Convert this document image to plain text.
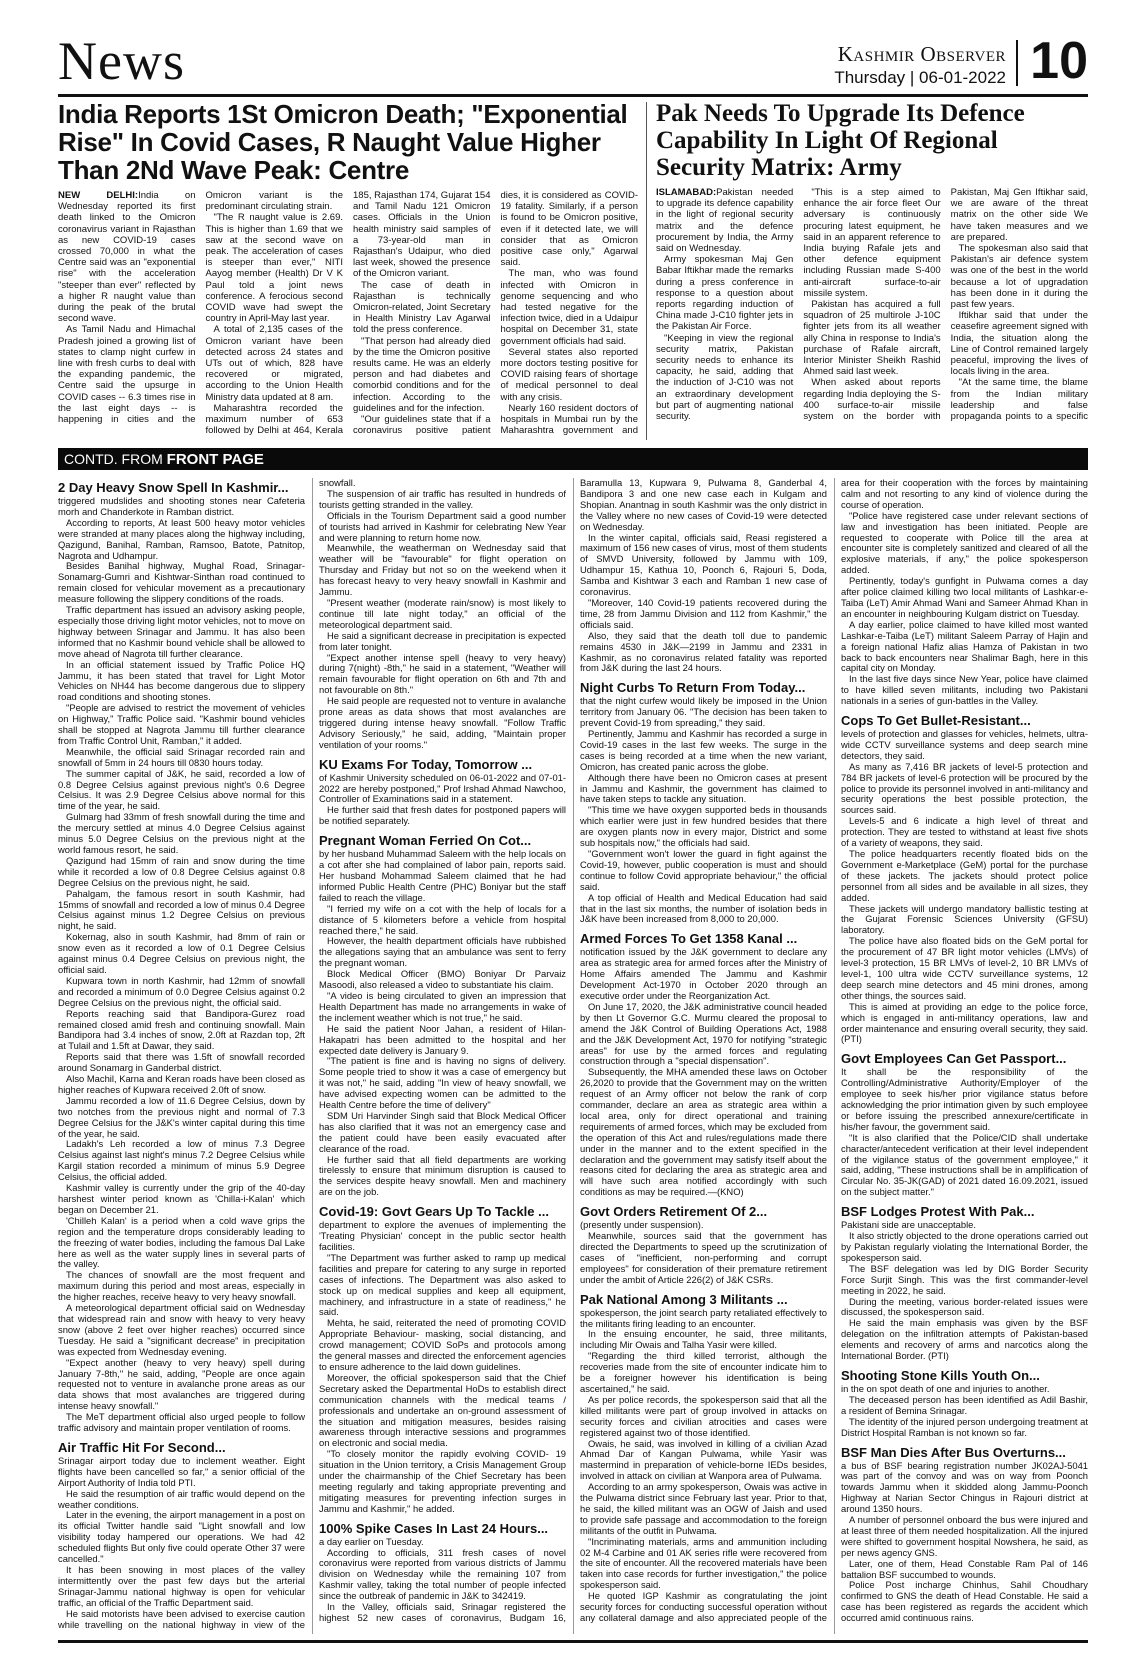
News	Kashmir Observer
Thursday | 06-01-2022 10
India Reports 1St Omicron Death; "Exponential Rise" In Covid Cases, R Naught Value Higher Than 2Nd Wave Peak: Centre

NEW DELHI:India on Wednesday reported its first death linked to the Omicron coronavirus variant in Rajasthan as new COVID-19 cases crossed 70,000 in what the Centre said was an "exponential rise" with the acceleration "steeper than ever" reflected by a higher R naught value than during the peak of the brutal second wave.

As Tamil Nadu and Himachal Pradesh joined a growing list of states to clamp night curfew in line with fresh curbs to deal with the expanding pandemic, the Centre said the upsurge in COVID cases -- 6.3 times rise in the last eight days -- is happening in cities and the Omicron variant is the predominant circulating strain.

"The R naught value is 2.69. This is higher than 1.69 that we saw at the second wave on peak. The acceleration of cases is steeper than ever," NITI Aayog member (Health) Dr V K Paul told a joint news conference. A ferocious second COVID wave had swept the country in April-May last year.

A total of 2,135 cases of the Omicron variant have been detected across 24 states and UTs out of which, 828 have recovered or migrated, according to the Union Health Ministry data updated at 8 am.

Maharashtra recorded the maximum number of 653 followed by Delhi at 464, Kerala 185, Rajasthan 174, Gujarat 154 and Tamil Nadu 121 Omicron cases. Officials in the Union health ministry said samples of a 73-year-old man in Rajasthan's Udaipur, who died last week, showed the presence of the Omicron variant.

The case of death in Rajasthan is technically Omicron-related, Joint Secretary in Health Ministry Lav Agarwal told the press conference.

"That person had already died by the time the Omicron positive results came. He was an elderly person and had diabetes and comorbid conditions and for the infection. According to the guidelines and for the infection.

"Our guidelines state that if a coronavirus positive patient dies, it is considered as COVID-19 fatality. Similarly, if a person is found to be Omicron positive, even if it detected late, we will consider that as Omicron positive case only," Agarwal said.

The man, who was found infected with Omicron in genome sequencing and who had tested negative for the infection twice, died in a Udaipur hospital on December 31, state government officials had said.

Several states also reported more doctors testing positive for COVID raising fears of shortage of medical personnel to deal with any crisis.

Nearly 160 resident doctors of hospitals in Mumbai run by the Maharashtra government and

Pak Needs To Upgrade Its Defence Capability In Light Of Regional Security Matrix: Army

ISLAMABAD:Pakistan needed to upgrade its defence capability in the light of regional security matrix and the defence procurement by India, the Army said on Wednesday.

Army spokesman Maj Gen Babar Iftikhar made the remarks during a press conference in response to a question about reports regarding induction of China made J-C10 fighter jets in the Pakistan Air Force.

"Keeping in view the regional security matrix, Pakistan security needs to enhance its capacity, he said, adding that the induction of J-C10 was not an extraordinary development but part of augmenting national security.

"This is a step aimed to enhance the air force fleet Our adversary is continuously procuring latest equipment, he said in an apparent reference to India buying Rafale jets and other defence equipment including Russian made S-400 anti-aircraft surface-to-air missile system.

Pakistan has acquired a full squadron of 25 multirole J-10C fighter jets from its all weather ally China in response to India's purchase of Rafale aircraft, Interior Minister Sheikh Rashid Ahmed said last week.

When asked about reports regarding India deploying the S-400 surface-to-air missile system on the border with Pakistan, Maj Gen Iftikhar said, we are aware of the threat matrix on the other side We have taken measures and we are prepared.

The spokesman also said that Pakistan's air defence system was one of the best in the world because a lot of upgradation has been done in it during the past few years.

Iftikhar said that under the ceasefire agreement signed with India, the situation along the Line of Control remained largely peaceful, improving the lives of locals living in the area.

"At the same time, the blame from the Indian military leadership and false propaganda points to a specific

CONTD. FROM FRONT PAGE
2 Day Heavy Snow Spell In Kashmir...

triggered mudslides and shooting stones near Cafeteria morh and Chanderkote in Ramban district.

According to reports, At least 500 heavy motor vehicles were stranded at many places along the highway including, Qazigund, Banihal, Ramban, Ramsoo, Batote, Patnitop, Nagrota and Udhampur.

Besides Banihal highway, Mughal Road, Srinagar-Sonamarg-Gumri and Kishtwar-Sinthan road continued to remain closed for vehicular movement as a precautionary measure following the slippery conditions of the roads.

Traffic department has issued an advisory asking people, especially those driving light motor vehicles, not to move on highway between Srinagar and Jammu. It has also been informed that no Kashmir bound vehicle shall be allowed to move ahead of Nagrota till further clearance.

In an official statement issued by Traffic Police HQ Jammu, it has been stated that travel for Light Motor Vehicles on NH44 has become dangerous due to slippery road conditions and shooting stones.

"People are advised to restrict the movement of vehicles on Highway," Traffic Police said. "Kashmir bound vehicles shall be stopped at Nagrota Jammu till further clearance from Traffic Control Unit, Ramban," it added.

Meanwhile, the official said Srinagar recorded rain and snowfall of 5mm in 24 hours till 0830 hours today.

The summer capital of J&K, he said, recorded a low of 0.8 Degree Celsius against previous night's 0.6 Degree Celsius. It was 2.9 Degree Celsius above normal for this time of the year, he said.

Gulmarg had 33mm of fresh snowfall during the time and the mercury settled at minus 4.0 Degree Celsius against minus 5.0 Degree Celsius on the previous night at the world famous resort, he said.

Qazigund had 15mm of rain and snow during the time while it recorded a low of 0.8 Degree Celsius against 0.8 Degree Celsius on the previous night, he said.

Pahalgam, the famous resort in south Kashmir, had 15mms of snowfall and recorded a low of minus 0.4 Degree Celsius against minus 1.2 Degree Celsius on previous night, he said.

Kokernag, also in south Kashmir, had 8mm of rain or snow even as it recorded a low of 0.1 Degree Celsius against minus 0.4 Degree Celsius on previous night, the official said.

Kupwara town in north Kashmir, had 12mm of snowfall and recorded a minimum of 0.0 Degree Celsius against 0.2 Degree Celsius on the previous night, the official said.

Reports reaching said that Bandipora-Gurez road remained closed amid fresh and continuing snowfall. Main Bandipora had 3.4 inches of snow, 2.0ft at Razdan top, 2ft at Tulail and 1.5ft at Dawar, they said.

Reports said that there was 1.5ft of snowfall recorded around Sonamarg in Ganderbal district.

Also Machil, Karna and Keran roads have been closed as higher reaches of Kupwara received 2.0ft of snow.

Jammu recorded a low of 11.6 Degree Celsius, down by two notches from the previous night and normal of 7.3 Degree Celsius for the J&K's winter capital during this time of the year, he said.

Ladakh's Leh recorded a low of minus 7.3 Degree Celsius against last night's minus 7.2 Degree Celsius while Kargil station recorded a minimum of minus 5.9 Degree Celsius, the official added.

Kashmir valley is currently under the grip of the 40-day harshest winter period known as 'Chilla-i-Kalan' which began on December 21.

'Chilleh Kalan' is a period when a cold wave grips the region and the temperature drops considerably leading to the freezing of water bodies, including the famous Dal Lake here as well as the water supply lines in several parts of the valley.

The chances of snowfall are the most frequent and maximum during this period and most areas, especially in the higher reaches, receive heavy to very heavy snowfall.

A meteorological department official said on Wednesday that widespread rain and snow with heavy to very heavy snow (above 2 feet over higher reaches) occurred since Tuesday. He said a "significant decrease" in precipitation was expected from Wednesday evening.

"Expect another (heavy to very heavy) spell during January 7-8th," he said, adding, "People are once again requested not to venture in avalanche prone areas as our data shows that most avalanches are triggered during intense heavy snowfall."

The MeT department official also urged people to follow traffic advisory and maintain proper ventilation of rooms.

Air Traffic Hit For Second...

Srinagar airport today due to inclement weather. Eight flights have been cancelled so far," a senior official of the Airport Authority of India told PTI.

He said the resumption of air traffic would depend on the weather conditions.

Later in the evening, the airport management in a post on its official Twitter handle said "Light snowfall and low visibility today hampered our operations. We had 42 scheduled flights But only five could operate Other 37 were cancelled."

It has been snowing in most places of the valley intermittently over the past few days but the arterial Srinagar-Jammu national highway is open for vehicular traffic, an official of the Traffic Department said.

He said motorists have been advised to exercise caution while travelling on the national highway in view of the snowfall.

The suspension of air traffic has resulted in hundreds of tourists getting stranded in the valley.

Officials in the Tourism Department said a good number of tourists had arrived in Kashmir for celebrating New Year and were planning to return home now.

Meanwhile, the weatherman on Wednesday said that weather will be "favourable" for flight operation on Thursday and Friday but not so on the weekend when it has forecast heavy to very heavy snowfall in Kashmir and Jammu.

"Present weather (moderate rain/snow) is most likely to continue till late night today," an official of the meteorological department said.

He said a significant decrease in precipitation is expected from later tonight.

"Expect another intense spell (heavy to very heavy) during 7(night) -8th," he said in a statement, "Weather will remain favourable for flight operation on 6th and 7th and not favourable on 8th."

He said people are requested not to venture in avalanche prone areas as data shows that most avalanches are triggered during intense heavy snowfall. "Follow Traffic Advisory Seriously," he said, adding, "Maintain proper ventilation of your rooms."

KU Exams For Today, Tomorrow ...

of Kashmir University scheduled on 06-01-2022 and 07-01-2022 are hereby postponed," Prof Irshad Ahmad Nawchoo, Controller of Examinations said in a statement.

He further said that fresh dates for postponed papers will be notified separately.

Pregnant Woman Ferried On Cot...

by her husband Muhammad Saleem with the help locals on a cot after she had complained of labor pain, reports said. Her husband Mohammad Saleem claimed that he had informed Public Health Centre (PHC) Boniyar but the staff failed to reach the village.

"I ferried my wife on a cot with the help of locals for a distance of 5 kilometers before a vehicle from hospital reached there," he said.

However, the health department officials have rubbished the allegations saying that an ambulance was sent to ferry the pregnant woman.

Block Medical Officer (BMO) Boniyar Dr Parvaiz Masoodi, also released a video to substantiate his claim.

"A video is being circulated to given an impression that Health Department has made no arrangements in wake of the inclement weather which is not true," he said.

He said the patient Noor Jahan, a resident of Hilan-Hakapatri has been admitted to the hospital and her expected date delivery is January 9.

"The patient is fine and is having no signs of delivery. Some people tried to show it was a case of emergency but it was not," he said, adding "In view of heavy snowfall, we have advised expecting women can be admitted to the Health Centre before the time of delivery"

SDM Uri Harvinder Singh said that Block Medical Officer has also clarified that it was not an emergency case and the patient could have been easily evacuated after clearance of the road.

He further said that all field departments are working tirelessly to ensure that minimum disruption is caused to the services despite heavy snowfall. Men and machinery are on the job.

Covid-19: Govt Gears Up To Tackle ...

department to explore the avenues of implementing the 'Treating Physician' concept in the public sector health facilities.

"The Department was further asked to ramp up medical facilities and prepare for catering to any surge in reported cases of infections. The Department was also asked to stock up on medical supplies and keep all equipment, machinery, and infrastructure in a state of readiness," he said.

Mehta, he said, reiterated the need of promoting COVID Appropriate Behaviour- masking, social distancing, and crowd management; COVID SoPs and protocols among the general masses and directed the enforcement agencies to ensure adherence to the laid down guidelines.

Moreover, the official spokesperson said that the Chief Secretary asked the Departmental HoDs to establish direct communication channels with the medical teams / professionals and undertake an on-ground assessment of the situation and mitigation measures, besides raising awareness through interactive sessions and programmes on electronic and social media.

"To closely monitor the rapidly evolving COVID- 19 situation in the Union territory, a Crisis Management Group under the chairmanship of the Chief Secretary has been meeting regularly and taking appropriate preventing and mitigating measures for preventing infection surges in Jammu and Kashmir," he added.

100% Spike Cases In Last 24 Hours...

a day earlier on Tuesday.

According to officials, 311 fresh cases of novel coronavirus were reported from various districts of Jammu division on Wednesday while the remaining 107 from Kashmir valley, taking the total number of people infected since the outbreak of pandemic in J&K to 342419.

In the Valley, officials said, Srinagar registered the highest 52 new cases of coronavirus, Budgam 16, Baramulla 13, Kupwara 9, Pulwama 8, Ganderbal 4, Bandipora 3 and one new case each in Kulgam and Shopian. Anantnag in south Kashmir was the only district in the Valley where no new cases of Covid-19 were detected on Wednesday.

In the winter capital, officials said, Reasi registered a maximum of 156 new cases of virus, most of them students of SMVD University, followed by Jammu with 109, Udhampur 15, Kathua 10, Poonch 6, Rajouri 5, Doda, Samba and Kishtwar 3 each and Ramban 1 new case of coronavirus.

"Moreover, 140 Covid-19 patients recovered during the time, 28 from Jammu Division and 112 from Kashmir," the officials said.

Also, they said that the death toll due to pandemic remains 4530 in J&K—2199 in Jammu and 2331 in Kashmir, as no coronavirus related fatality was reported from J&K during the last 24 hours.

Night Curbs To Return From Today...

that the night curfew would likely be imposed in the Union territory from January 06. "The decision has been taken to prevent Covid-19 from spreading," they said.

Pertinently, Jammu and Kashmir has recorded a surge in Covid-19 cases in the last few weeks. The surge in the cases is being recorded at a time when the new variant, Omicron, has created panic across the globe.

Although there have been no Omicron cases at present in Jammu and Kashmir, the government has claimed to have taken steps to tackle any situation.

"This time we have oxygen supported beds in thousands which earlier were just in few hundred besides that there are oxygen plants now in every major, District and some sub hospitals now," the officials had said.

"Government won't lower the guard in fight against the Covid-19, however, public cooperation is must and should continue to follow Covid appropriate behaviour," the official said.

A top official of Health and Medical Education had said that in the last six months, the number of isolation beds in J&K have been increased from 8,000 to 20,000.

Armed Forces To Get 1358 Kanal ...

notification issued by the J&K government to declare any area as strategic area for armed forces after the Ministry of Home Affairs amended The Jammu and Kashmir Development Act-1970 in October 2020 through an executive order under the Reorganization Act.

On June 17, 2020, the J&K administrative council headed by then Lt Governor G.C. Murmu cleared the proposal to amend the J&K Control of Building Operations Act, 1988 and the J&K Development Act, 1970 for notifying "strategic areas" for use by the armed forces and regulating construction through a "special dispensation".

Subsequently, the MHA amended these laws on October 26,2020 to provide that the Government may on the written request of an Army officer not below the rank of corp commander, declare an area as strategic area within a local area, only for direct operational and training requirements of armed forces, which may be excluded from the operation of this Act and rules/regulations made there under in the manner and to the extent specified in the declaration and the government may satisfy itself about the reasons cited for declaring the area as strategic area and will have such area notified accordingly with such conditions as may be required.—(KNO)

Govt Orders Retirement Of 2...

(presently under suspension).

Meanwhile, sources said that the government has directed the Departments to speed up the scrutinization of cases of "inefficient, non-performing and corrupt employees" for consideration of their premature retirement under the ambit of Article 226(2) of J&K CSRs.

Pak National Among 3 Militants ...

spokesperson, the joint search party retaliated effectively to the militants firing leading to an encounter.

In the ensuing encounter, he said, three militants, including Mir Owais and Talha Yasir were killed.

"Regarding the third killed terrorist, although the recoveries made from the site of encounter indicate him to be a foreigner however his identification is being ascertained," he said.

As per police records, the spokesperson said that all the killed militants were part of group involved in attacks on security forces and civilian atrocities and cases were registered against two of those identified.

Owais, he said, was involved in killing of a civilian Azad Ahmad Dar of Kangan Pulwama, while Yasir was mastermind in preparation of vehicle-borne IEDs besides, involved in attack on civilian at Wanpora area of Pulwama.

According to an army spokesperson, Owais was active in the Pulwama district since February last year. Prior to that, he said, the killed militant was an OGW of Jaish and used to provide safe passage and accommodation to the foreign militants of the outfit in Pulwama.

"Incriminating materials, arms and ammunition including 02 M-4 Carbine and 01 AK series rifle were recovered from the site of encounter. All the recovered materials have been taken into case records for further investigation," the police spokesperson said.

He quoted IGP Kashmir as congratulating the joint security forces for conducting successful operation without any collateral damage and also appreciated people of the area for their cooperation with the forces by maintaining calm and not resorting to any kind of violence during the course of operation.

"Police have registered case under relevant sections of law and investigation has been initiated. People are requested to cooperate with Police till the area at encounter site is completely sanitized and cleared of all the explosive materials, if any," the police spokesperson added.

Pertinently, today's gunfight in Pulwama comes a day after police claimed killing two local militants of Lashkar-e-Taiba (LeT) Amir Ahmad Wani and Sameer Ahmad Khan in an encounter in neighbouring Kulgam district on Tuesday.

A day earlier, police claimed to have killed most wanted Lashkar-e-Taiba (LeT) militant Saleem Parray of Hajin and a foreign national Hafiz alias Hamza of Pakistan in two back to back encounters near Shalimar Bagh, here in this capital city on Monday.

In the last five days since New Year, police have claimed to have killed seven militants, including two Pakistani nationals in a series of gun-battles in the Valley.

Cops To Get Bullet-Resistant...

levels of protection and glasses for vehicles, helmets, ultra-wide CCTV surveillance systems and deep search mine detectors, they said.

As many as 7,416 BR jackets of level-5 protection and 784 BR jackets of level-6 protection will be procured by the police to provide its personnel involved in anti-militancy and security operations the best possible protection, the sources said.

Levels-5 and 6 indicate a high level of threat and protection. They are tested to withstand at least five shots of a variety of weapons, they said.

The police headquarters recently floated bids on the Government e-Marketplace (GeM) portal for the purchase of these jackets. The jackets should protect police personnel from all sides and be available in all sizes, they added.

These jackets will undergo mandatory ballistic testing at the Gujarat Forensic Sciences University (GFSU) laboratory.

The police have also floated bids on the GeM portal for the procurement of 47 BR light motor vehicles (LMVs) of level-3 protection, 15 BR LMVs of level-2, 10 BR LMVs of level-1, 100 ultra wide CCTV surveillance systems, 12 deep search mine detectors and 45 mini drones, among other things, the sources said.

This is aimed at providing an edge to the police force, which is engaged in anti-militancy operations, law and order maintenance and ensuring overall security, they said.(PTI)

Govt Employees Can Get Passport...

It shall be the responsibility of the Controlling/Administrative Authority/Employer of the employee to seek his/her prior vigilance status before acknowledging the prior intimation given by such employee or before issuing the prescribed annexure/certificate in his/her favour, the government said.

"It is also clarified that the Police/CID shall undertake character/antecedent verification at their level independent of the vigilance status of the government employee," it said, adding, "These instructions shall be in amplification of Circular No. 35-JK(GAD) of 2021 dated 16.09.2021, issued on the subject matter."

BSF Lodges Protest With Pak...

Pakistani side are unacceptable.

It also strictly objected to the drone operations carried out by Pakistan regularly violating the International Border, the spokesperson said.

The BSF delegation was led by DIG Border Security Force Surjit Singh. This was the first commander-level meeting in 2022, he said.

During the meeting, various border-related issues were discussed, the spokesperson said.

He said the main emphasis was given by the BSF delegation on the infiltration attempts of Pakistan-based elements and recovery of arms and narcotics along the International Border. (PTI)

Shooting Stone Kills Youth On...

in the on spot death of one and injuries to another.

The deceased person has been identified as Adil Bashir, a resident of Bemina Srinagar.

The identity of the injured person undergoing treatment at District Hospital Ramban is not known so far.

BSF Man Dies After Bus Overturns...

a bus of BSF bearing registration number JK02AJ-5041 was part of the convoy and was on way from Poonch towards Jammu when it skidded along Jammu-Poonch Highway at Narian Sector Chingus in Rajouri district at around 1350 hours.

A number of personnel onboard the bus were injured and at least three of them needed hospitalization. All the injured were shifted to government hospital Nowshera, he said, as per news agency GNS.

Later, one of them, Head Constable Ram Pal of 146 battalion BSF succumbed to wounds.

Police Post incharge Chinhus, Sahil Choudhary confirmed to GNS the death of Head Constable. He said a case has been registered as regards the accident which occurred amid continuous rains.
